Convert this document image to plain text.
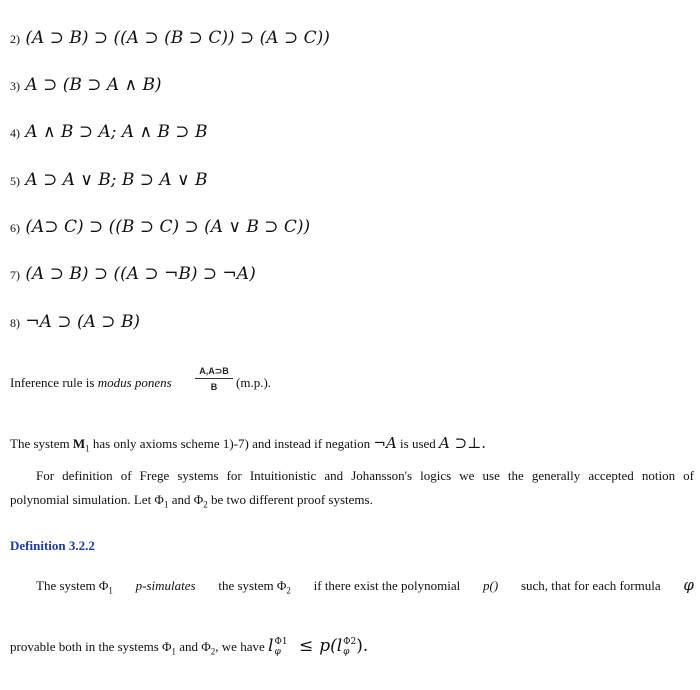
2) (A ⊃ B) ⊃ ((A ⊃ (B ⊃ C)) ⊃ (A ⊃ C))
3) A ⊃ (B ⊃ A ∧ B)
4) A ∧ B ⊃ A; A ∧ B ⊃ B
5) A ⊃ A ∨ B; B ⊃ A ∨ B
6) (A⊃ C) ⊃ ((B ⊃ C) ⊃ (A ∨ B ⊃ C))
7) (A ⊃ B) ⊃ ((A ⊃ ¬B) ⊃ ¬A)
8) ¬A ⊃ (A ⊃ B)
Inference rule is modus ponens	$\frac{A,A⊃B}{B} (m.p.)$.
The system $M_1$ has only axioms scheme 1)-7) and instead if negation ¬A is used A ⊃⊥.
For definition of Frege systems for Intuitionistic and Johansson's logics we use the generally accepted notion of
polynomial simulation. Let $\Phi_1$ and $\Phi_2$ be two different proof systems.
Definition 3.2.2
The system $\Phi_1$ p-simulates the system $\Phi_2$ if there exist the polynomial p() such, that for each formula φ
provable both in the systems $\Phi_1$ and $\Phi_2$, we have l Φ1
φ	≤ p(l Φ2
φ ).
